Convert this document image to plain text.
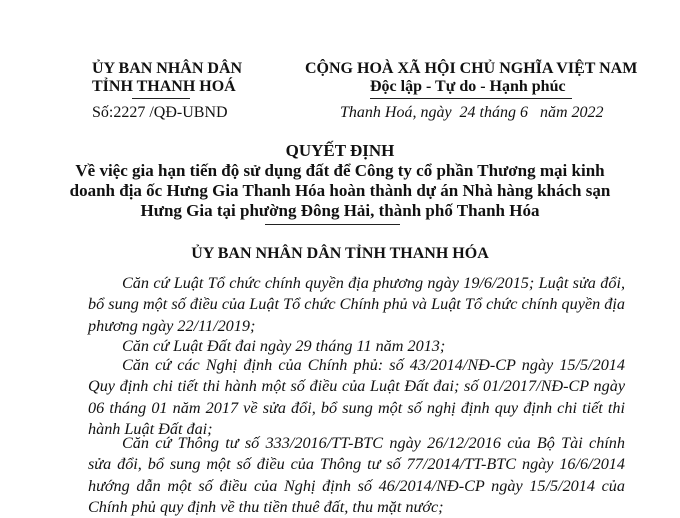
ỦY BAN NHÂN DÂN
TỈNH THANH HOÁ
Số:2227 /QĐ-UBND
CỘNG HOÀ XÃ HỘI CHỦ NGHĨA VIỆT NAM
Độc lập - Tự do - Hạnh phúc
Thanh Hoá, ngày  24 tháng 6   năm 2022
QUYẾT ĐỊNH
Về việc gia hạn tiến độ sử dụng đất để Công ty cổ phần Thương mại kinh
doanh địa ốc Hưng Gia Thanh Hóa hoàn thành dự án Nhà hàng khách sạn
Hưng Gia tại phường Đông Hải, thành phố Thanh Hóa
ỦY BAN NHÂN DÂN TỈNH THANH HÓA
Căn cứ Luật Tổ chức chính quyền địa phương ngày 19/6/2015; Luật sửa đổi, bổ sung một số điều của Luật Tổ chức Chính phủ và Luật Tổ chức chính quyền địa phương ngày 22/11/2019;
Căn cứ Luật Đất đai ngày 29 tháng 11 năm 2013;
Căn cứ các Nghị định của Chính phủ: số 43/2014/NĐ-CP ngày 15/5/2014 Quy định chi tiết thi hành một số điều của Luật Đất đai; số 01/2017/NĐ-CP ngày 06 tháng 01 năm 2017 về sửa đổi, bổ sung một số nghị định quy định chi tiết thi hành Luật Đất đai;
Căn cứ Thông tư số 333/2016/TT-BTC ngày 26/12/2016 của Bộ Tài chính sửa đổi, bổ sung một số điều của Thông tư số 77/2014/TT-BTC ngày 16/6/2014 hướng dẫn một số điều của Nghị định số 46/2014/NĐ-CP ngày 15/5/2014 của Chính phủ quy định về thu tiền thuê đất, thu mặt nước;
